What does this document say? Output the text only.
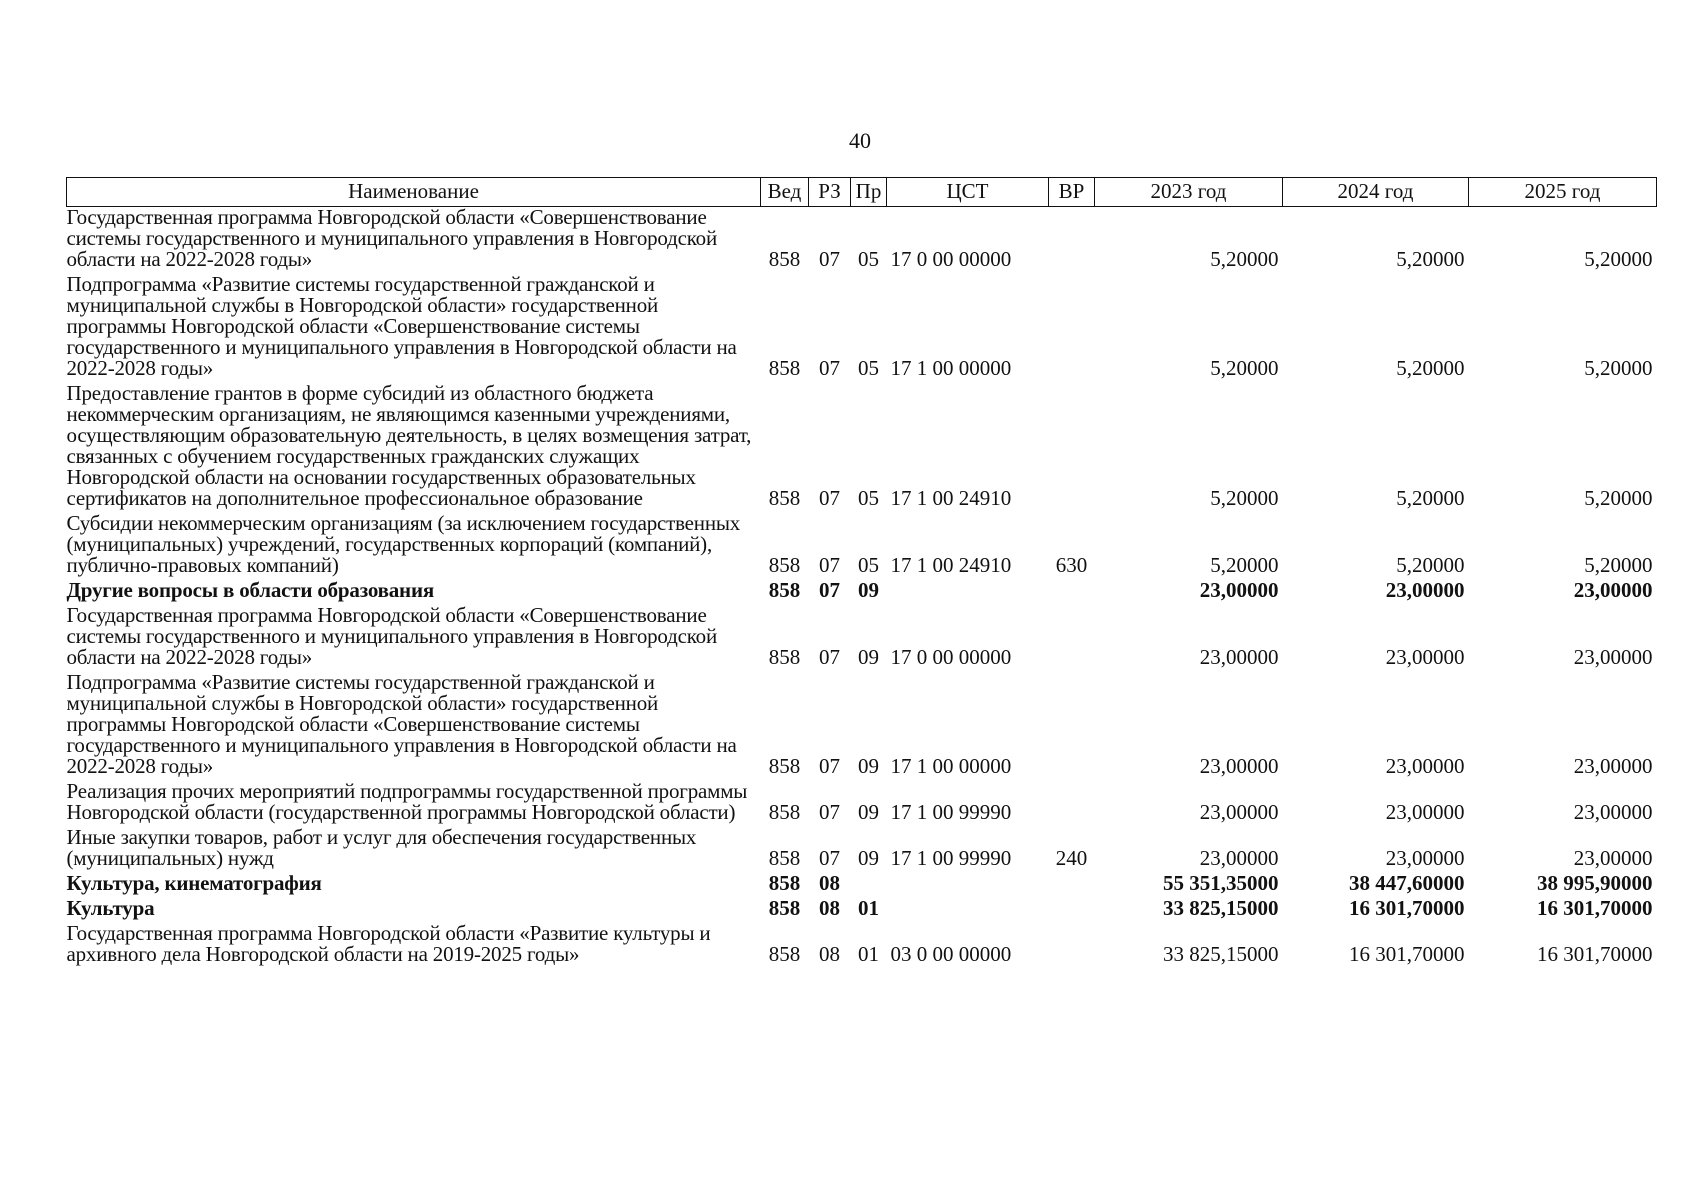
40
Наименование	Вед	РЗ	Пр	ЦСТ	ВР	2023 год	2024 год	2025 год
Государственная программа Новгородской области «Совершенствование системы государственного и муниципального управления в Новгородской области на 2022-2028 годы»	858	07	05	17 0 00 00000		5,20000	5,20000	5,20000
Подпрограмма «Развитие системы государственной гражданской и муниципальной службы в Новгородской области» государственной программы Новгородской области «Совершенствование системы государственного и муниципального управления в Новгородской области на 2022-2028 годы»	858	07	05	17 1 00 00000		5,20000	5,20000	5,20000
Предоставление грантов в форме субсидий из областного бюджета некоммерческим организациям, не являющимся казенными учреждениями, осуществляющим образовательную деятельность, в целях возмещения затрат, связанных с обучением государственных гражданских служащих Новгородской области на основании государственных образовательных сертификатов на дополнительное профессиональное образование	858	07	05	17 1 00 24910		5,20000	5,20000	5,20000
Субсидии некоммерческим организациям (за исключением государственных (муниципальных) учреждений, государственных корпораций (компаний), публично-правовых компаний)	858	07	05	17 1 00 24910	630	5,20000	5,20000	5,20000
Другие вопросы в области образования	858	07	09			23,00000	23,00000	23,00000
Государственная программа Новгородской области «Совершенствование системы государственного и муниципального управления в Новгородской области на 2022-2028 годы»	858	07	09	17 0 00 00000		23,00000	23,00000	23,00000
Подпрограмма «Развитие системы государственной гражданской и муниципальной службы в Новгородской области» государственной программы Новгородской области «Совершенствование системы государственного и муниципального управления в Новгородской области на 2022-2028 годы»	858	07	09	17 1 00 00000		23,00000	23,00000	23,00000
Реализация прочих мероприятий подпрограммы государственной программы Новгородской области (государственной программы Новгородской области)	858	07	09	17 1 00 99990		23,00000	23,00000	23,00000
Иные закупки товаров, работ и услуг для обеспечения государственных (муниципальных) нужд	858	07	09	17 1 00 99990	240	23,00000	23,00000	23,00000
Культура, кинематография	858	08				55 351,35000	38 447,60000	38 995,90000
Культура	858	08	01			33 825,15000	16 301,70000	16 301,70000
Государственная программа Новгородской области «Развитие культуры и архивного дела Новгородской области на 2019-2025 годы»	858	08	01	03 0 00 00000		33 825,15000	16 301,70000	16 301,70000
